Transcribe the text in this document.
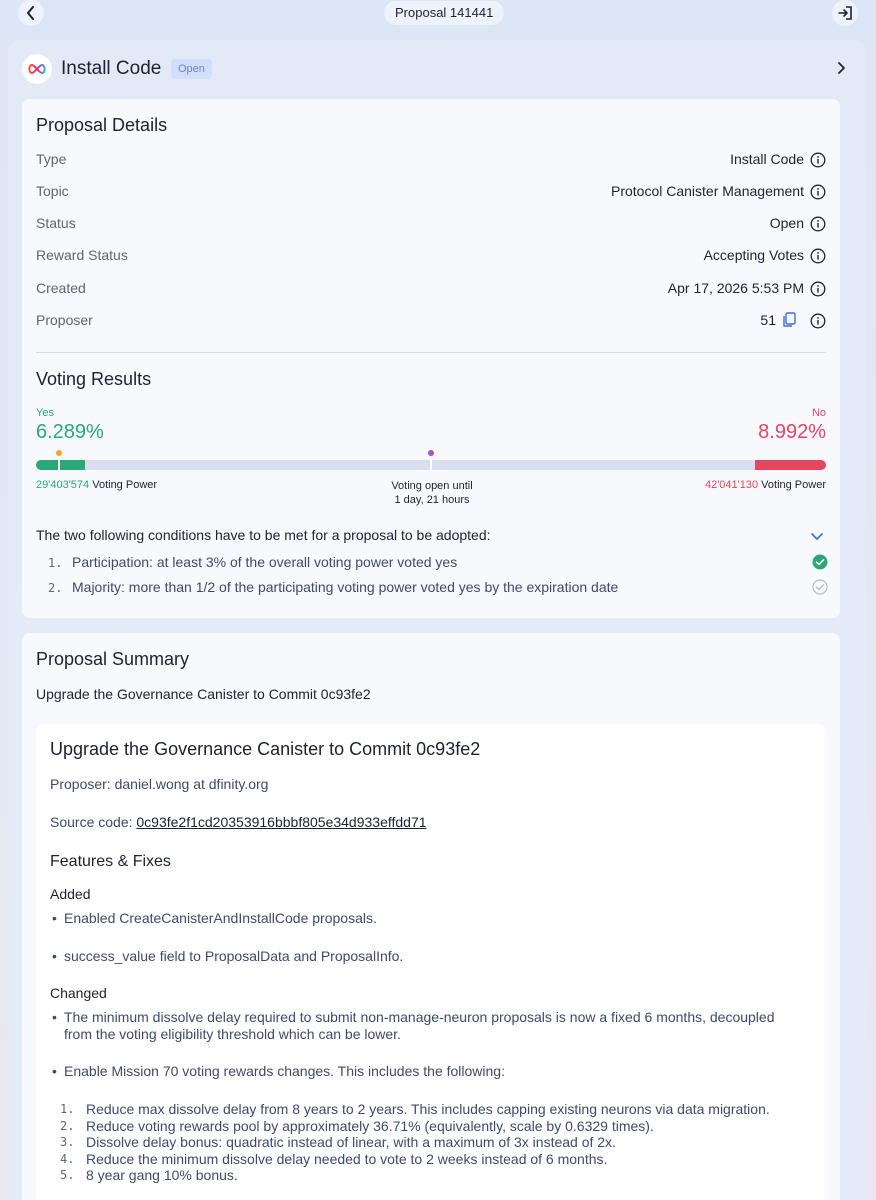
Proposal 141441
Install Code	Open
Proposal Details
Type	Install Code
Topic	Protocol Canister Management
Status	Open
Reward Status	Accepting Votes
Created	Apr 17, 2026 5:53 PM
Proposer	51
Voting Results
Yes
6.289%
No
8.992%
29'403'574 Voting Power	Voting open until
1 day, 21 hours
42'041'130 Voting Power
The two following conditions have to be met for a proposal to be adopted:
1. Participation: at least 3% of the overall voting power voted yes
2. Majority: more than 1/2 of the participating voting power voted yes by the expiration date
Proposal Summary
Upgrade the Governance Canister to Commit 0c93fe2
Upgrade the Governance Canister to Commit 0c93fe2
Proposer: daniel.wong at dfinity.org
Source code: 0c93fe2f1cd20353916bbbf805e34d933effdd71
Features & Fixes
Added
• Enabled CreateCanisterAndInstallCode proposals.
• success_value field to ProposalData and ProposalInfo.
Changed
• The minimum dissolve delay required to submit non-manage-neuron proposals is now a fixed 6 months, decoupled from the voting eligibility threshold which can be lower.
• Enable Mission 70 voting rewards changes. This includes the following:
1. Reduce max dissolve delay from 8 years to 2 years. This includes capping existing neurons via data migration.
2. Reduce voting rewards pool by approximately 36.71% (equivalently, scale by 0.6329 times).
3. Dissolve delay bonus: quadratic instead of linear, with a maximum of 3x instead of 2x.
4. Reduce the minimum dissolve delay needed to vote to 2 weeks instead of 6 months.
5. 8 year gang 10% bonus.
